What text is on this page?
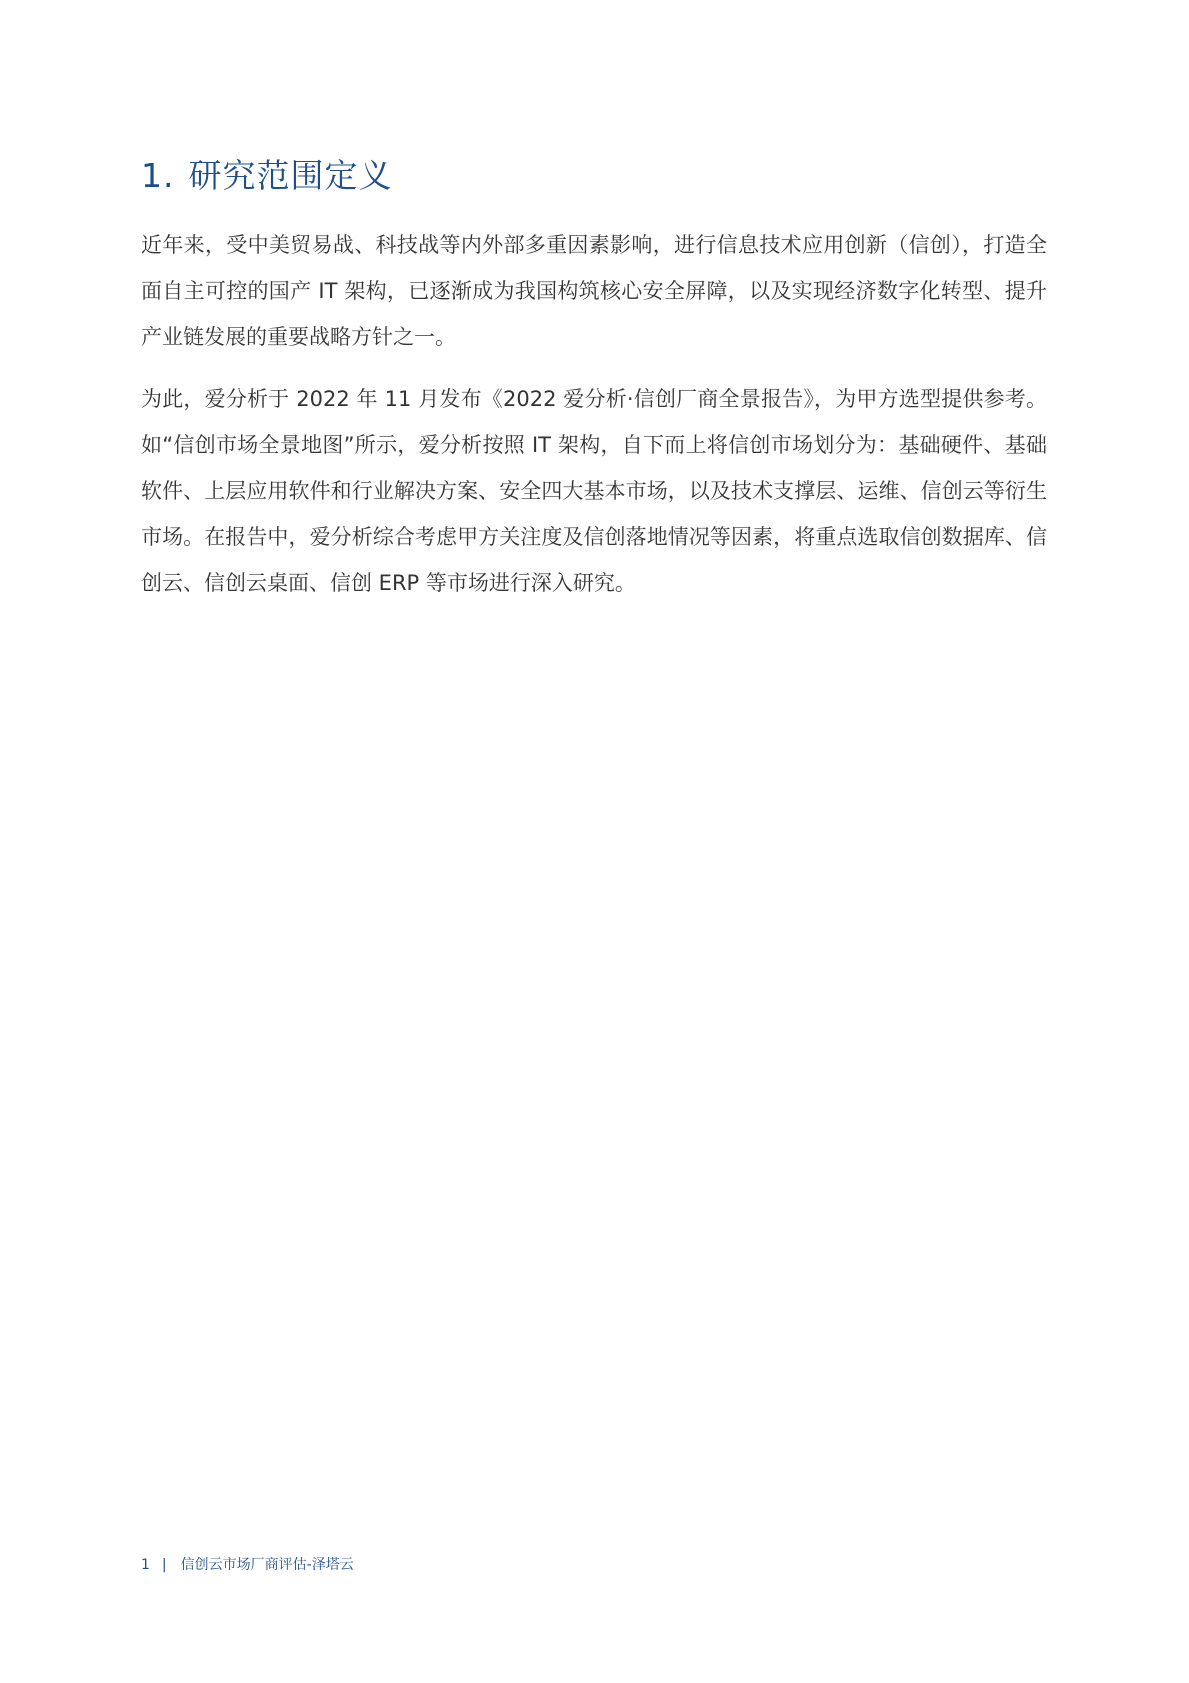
1. 研究范围定义

近年来，受中美贸易战、科技战等内外部多重因素影响，进行信息技术应用创新（信创），打造全面自主可控的国产 IT 架构，已逐渐成为我国构筑核心安全屏障，以及实现经济数字化转型、提升产业链发展的重要战略方针之一。

为此，爱分析于 2022 年 11 月发布《2022 爱分析·信创厂商全景报告》，为甲方选型提供参考。如“信创市场全景地图”所示，爱分析按照 IT 架构，自下而上将信创市场划分为：基础硬件、基础软件、上层应用软件和行业解决方案、安全四大基本市场，以及技术支撑层、运维、信创云等衍生市场。在报告中，爱分析综合考虑甲方关注度及信创落地情况等因素，将重点选取信创数据库、信创云、信创云桌面、信创 ERP 等市场进行深入研究。

1 | 信创云市场厂商评估-泽塔云
